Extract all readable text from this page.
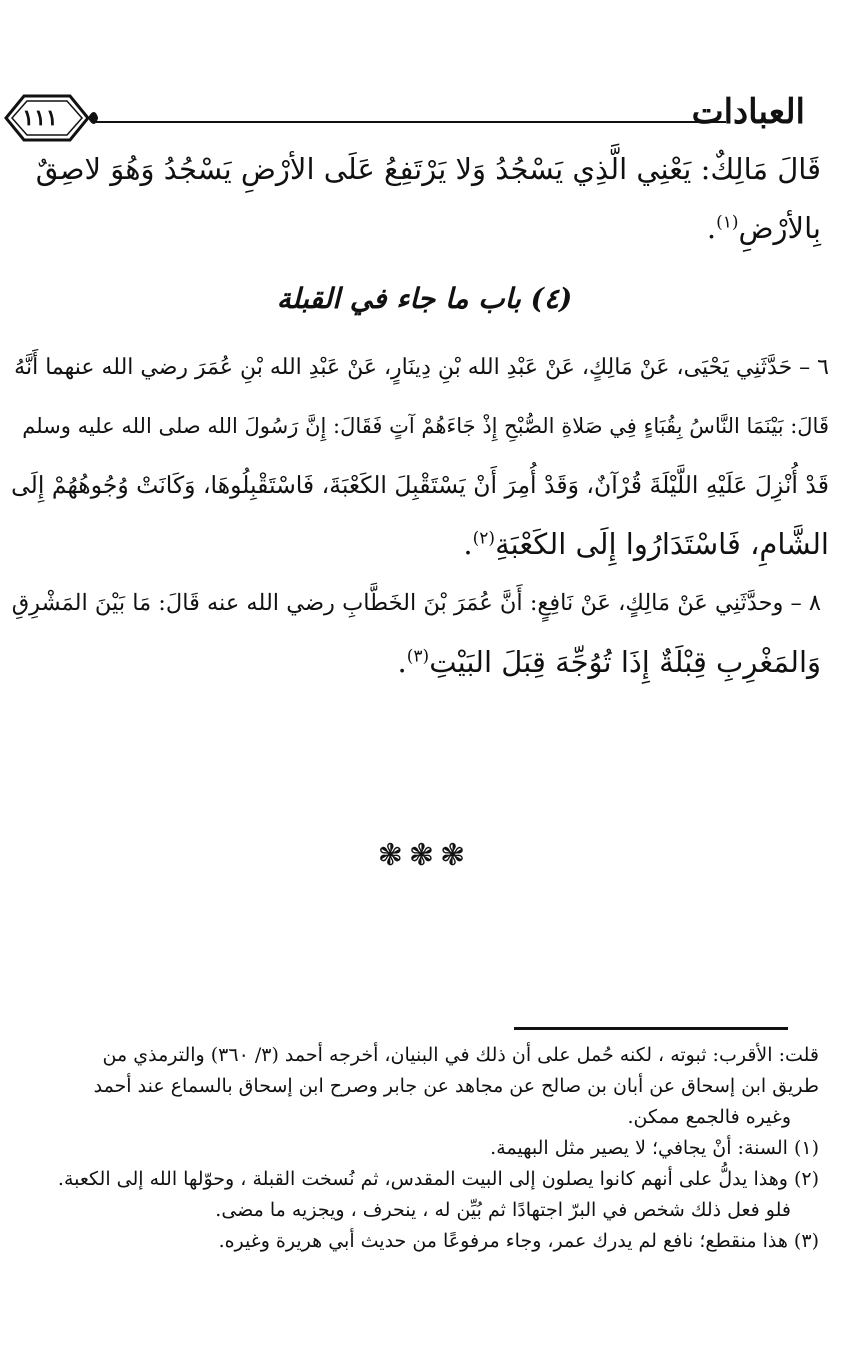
١١١	العبادات
قَالَ مَالِكٌ: يَعْنِي الَّذِي يَسْجُدُ وَلا يَرْتَفِعُ عَلَى الأرْضِ يَسْجُدُ وَهُوَ لاصِقٌ
بِالأرْضِ$^{(١)}$.
(٤) باب ما جاء في القبلة
٦ – حَدَّثَنِي يَحْيَى، عَنْ مَالِكٍ، عَنْ عَبْدِ الله بْنِ دِينَارٍ، عَنْ عَبْدِ الله بْنِ عُمَرَ رضي الله عنهما أَنَّهُ
قَالَ: بَيْنَمَا النَّاسُ بِقُبَاءٍ فِي صَلاةِ الصُّبْحِ إِذْ جَاءَهُمْ آتٍ فَقَالَ: إِنَّ رَسُولَ الله صلى الله عليه وسلم
قَدْ أُنْزِلَ عَلَيْهِ اللَّيْلَةَ قُرْآنٌ، وَقَدْ أُمِرَ أَنْ يَسْتَقْبِلَ الكَعْبَةَ، فَاسْتَقْبِلُوهَا، وَكَانَتْ وُجُوهُهُمْ إِلَى
الشَّامِ، فَاسْتَدَارُوا إِلَى الكَعْبَةِ$^{(٢)}$.
٨ – وحدَّثَنِي عَنْ مَالِكٍ، عَنْ نَافِعٍ: أَنَّ عُمَرَ بْنَ الخَطَّابِ رضي الله عنه قَالَ: مَا بَيْنَ المَشْرِقِ
وَالمَغْرِبِ قِبْلَةٌ إِذَا تُوُجِّهَ قِبَلَ البَيْتِ$^{(٣)}$.
❃❃❃
قلت: الأقرب: ثبوته ، لكنه حُمل على أن ذلك في البنيان، أخرجه أحمد (٣/ ٣٦٠) والترمذي من
طريق ابن إسحاق عن أبان بن صالح عن مجاهد عن جابر وصرح ابن إسحاق بالسماع عند أحمد
وغيره فالجمع ممكن.
(١) السنة: أنْ يجافي؛ لا يصير مثل البهيمة.
(٢) وهذا يدلُّ على أنهم كانوا يصلون إلى البيت المقدس، ثم نُسخت القبلة ، وحوّلها الله إلى الكعبة.
فلو فعل ذلك شخص في البرّ اجتهادًا ثم بُيِّن له ، ينحرف ، ويجزيه ما مضى.
(٣) هذا منقطع؛ نافع لم يدرك عمر، وجاء مرفوعًا من حديث أبي هريرة وغيره.
